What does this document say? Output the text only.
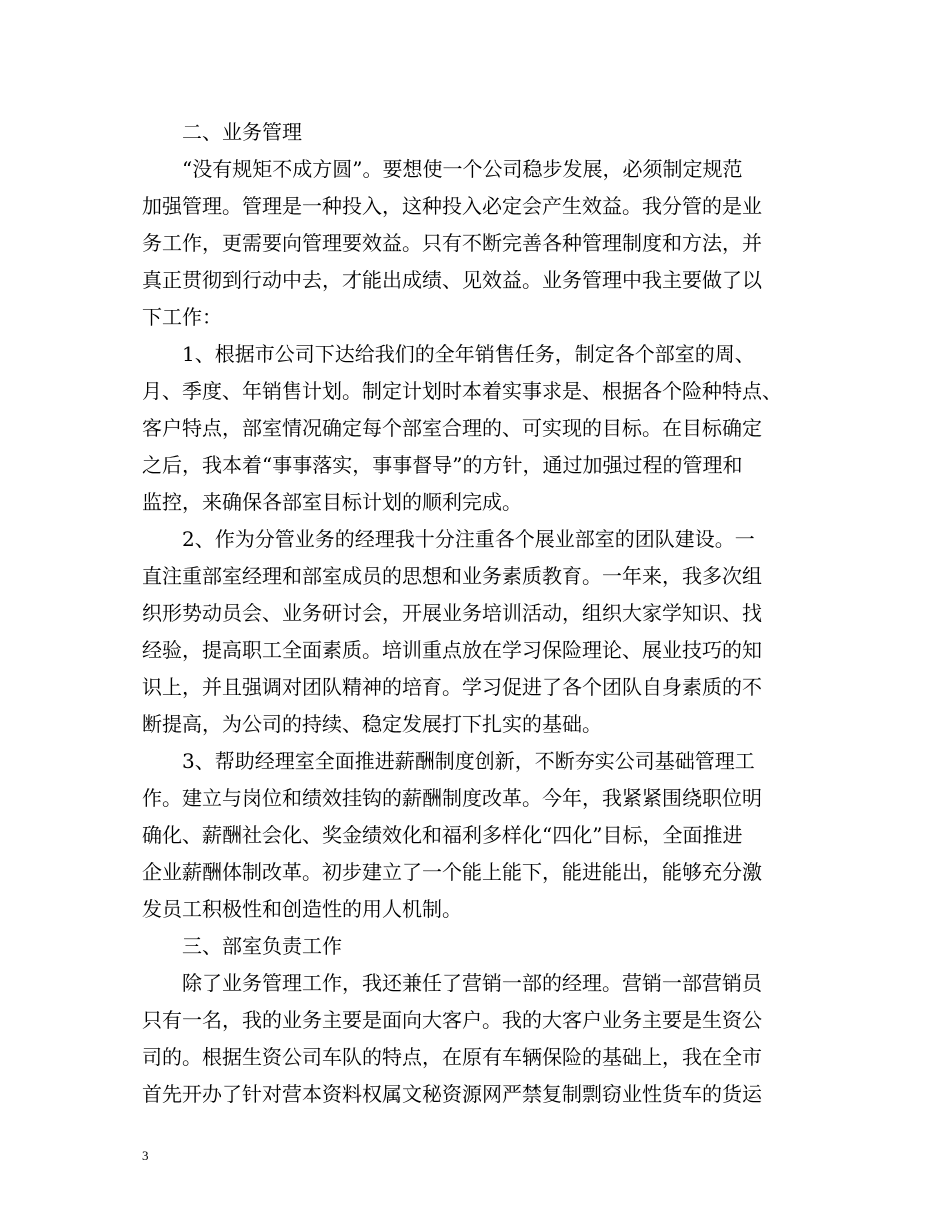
二、业务管理
“没有规矩不成方圆”。要想使一个公司稳步发展，必须制定规范
加强管理。管理是一种投入，这种投入必定会产生效益。我分管的是业
务工作，更需要向管理要效益。只有不断完善各种管理制度和方法，并
真正贯彻到行动中去，才能出成绩、见效益。业务管理中我主要做了以
下工作：
1、根据市公司下达给我们的全年销售任务，制定各个部室的周、
月、季度、年销售计划。制定计划时本着实事求是、根据各个险种特点、
客户特点，部室情况确定每个部室合理的、可实现的目标。在目标确定
之后，我本着“事事落实，事事督导”的方针，通过加强过程的管理和
监控，来确保各部室目标计划的顺利完成。
2、作为分管业务的经理我十分注重各个展业部室的团队建设。一
直注重部室经理和部室成员的思想和业务素质教育。一年来，我多次组
织形势动员会、业务研讨会，开展业务培训活动，组织大家学知识、找
经验，提高职工全面素质。培训重点放在学习保险理论、展业技巧的知
识上，并且强调对团队精神的培育。学习促进了各个团队自身素质的不
断提高，为公司的持续、稳定发展打下扎实的基础。
3、帮助经理室全面推进薪酬制度创新，不断夯实公司基础管理工
作。建立与岗位和绩效挂钩的薪酬制度改革。今年，我紧紧围绕职位明
确化、薪酬社会化、奖金绩效化和福利多样化“四化”目标，全面推进
企业薪酬体制改革。初步建立了一个能上能下，能进能出，能够充分激
发员工积极性和创造性的用人机制。
三、部室负责工作
除了业务管理工作，我还兼任了营销一部的经理。营销一部营销员
只有一名，我的业务主要是面向大客户。我的大客户业务主要是生资公
司的。根据生资公司车队的特点，在原有车辆保险的基础上，我在全市
首先开办了针对营本资料权属文秘资源网严禁复制剽窃业性货车的货运
3
